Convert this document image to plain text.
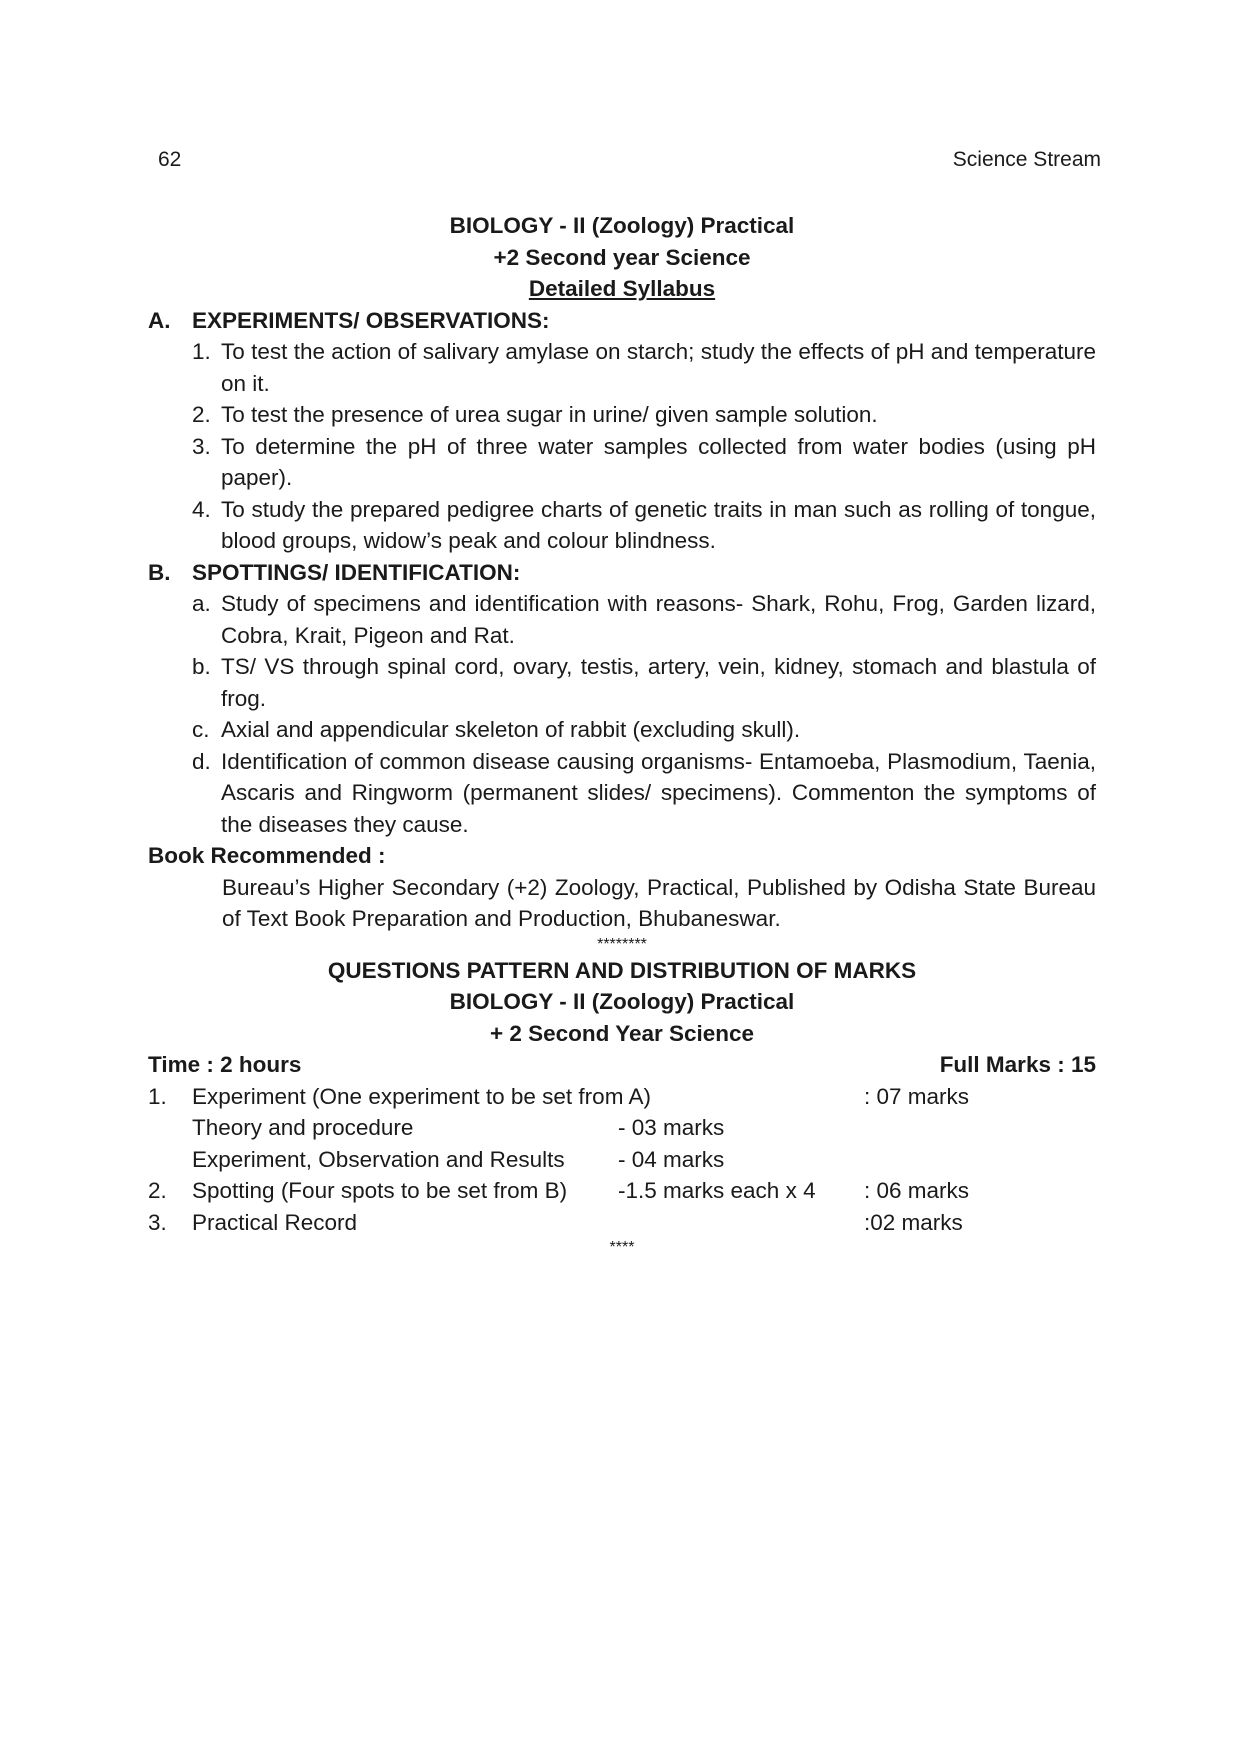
62	Science Stream

BIOLOGY - II (Zoology) Practical

+2 Second year Science

Detailed Syllabus

A. EXPERIMENTS/ OBSERVATIONS:
1. To test the action of salivary amylase on starch; study the effects of pH and temperature on it.
2. To test the presence of urea sugar in urine/ given sample solution.
3. To determine the pH of three water samples collected from water bodies (using pH paper).
4. To study the prepared pedigree charts of genetic traits in man such as rolling of tongue, blood groups, widow’s peak and colour blindness.
B. SPOTTINGS/ IDENTIFICATION:
a. Study of specimens and identification with reasons- Shark, Rohu, Frog, Garden lizard, Cobra, Krait, Pigeon and Rat.
b. TS/ VS through spinal cord, ovary, testis, artery, vein, kidney, stomach and blastula of frog.
c. Axial and appendicular skeleton of rabbit (excluding skull).
d. Identification of common disease causing organisms- Entamoeba, Plasmodium, Taenia, Ascaris and Ringworm (permanent slides/ specimens). Commenton the symptoms of the diseases they cause.

Book Recommended :

Bureau’s Higher Secondary (+2) Zoology, Practical, Published by Odisha State Bureau of Text Book Preparation and Production, Bhubaneswar.

********

QUESTIONS PATTERN AND DISTRIBUTION OF MARKS

BIOLOGY - II (Zoology) Practical

+ 2 Second Year Science

Time : 2 hours	Full Marks : 15
1.	Experiment (One experiment to be set from A)		: 07 marks
	Theory and procedure	- 03 marks	
	Experiment, Observation and Results	- 04 marks	
2.	Spotting (Four spots to be set from B)	-1.5 marks each x 4	: 06 marks
3.	Practical Record		:02 marks

****
